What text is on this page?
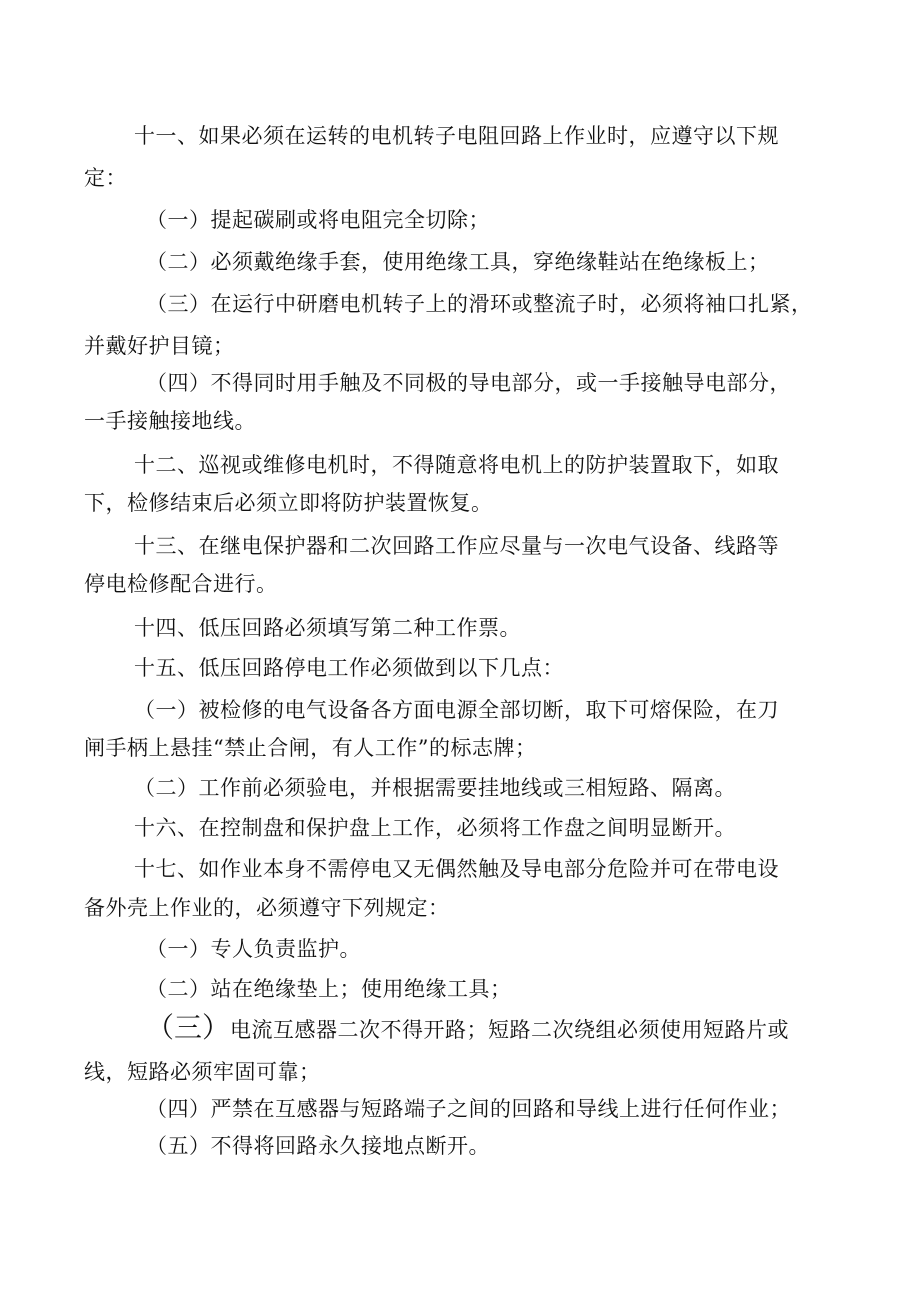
十一、如果必须在运转的电机转子电阻回路上作业时，应遵守以下规
定：
（一）提起碳刷或将电阻完全切除；
（二）必须戴绝缘手套，使用绝缘工具，穿绝缘鞋站在绝缘板上；
（三）在运行中研磨电机转子上的滑环或整流子时，必须将袖口扎紧，
并戴好护目镜；
（四）不得同时用手触及不同极的导电部分，或一手接触导电部分，
一手接触接地线。
十二、巡视或维修电机时，不得随意将电机上的防护装置取下，如取
下，检修结束后必须立即将防护装置恢复。
十三、在继电保护器和二次回路工作应尽量与一次电气设备、线路等
停电检修配合进行。
十四、低压回路必须填写第二种工作票。
十五、低压回路停电工作必须做到以下几点：
（一）被检修的电气设备各方面电源全部切断，取下可熔保险，在刀
闸手柄上悬挂“禁止合闸，有人工作”的标志牌；
（二）工作前必须验电，并根据需要挂地线或三相短路、隔离。
十六、在控制盘和保护盘上工作，必须将工作盘之间明显断开。
十七、如作业本身不需停电又无偶然触及导电部分危险并可在带电设
备外壳上作业的，必须遵守下列规定：
（一）专人负责监护。
（二）站在绝缘垫上；使用绝缘工具；
（三）电流互感器二次不得开路；短路二次绕组必须使用短路片或
线，短路必须牢固可靠；
（四）严禁在互感器与短路端子之间的回路和导线上进行任何作业；
（五）不得将回路永久接地点断开。
